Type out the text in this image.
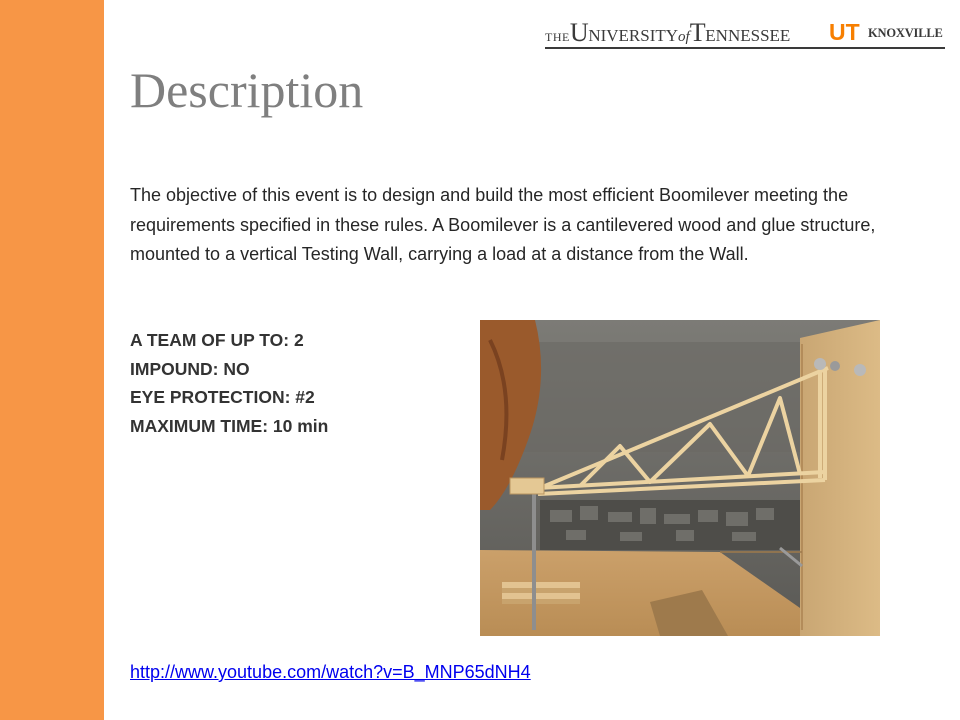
THEUNIVERSITYofTENNESSEE UT KNOXVILLE
Description

The objective of this event is to design and build the most efficient Boomilever meeting the requirements specified in these rules. A Boomilever is a cantilevered wood and glue structure, mounted to a vertical Testing Wall, carrying a load at a distance from the Wall.

A TEAM OF UP TO: 2
IMPOUND: NO
EYE PROTECTION: #2
MAXIMUM TIME: 10 min
http://www.youtube.com/watch?v=B_MNP65dNH4
